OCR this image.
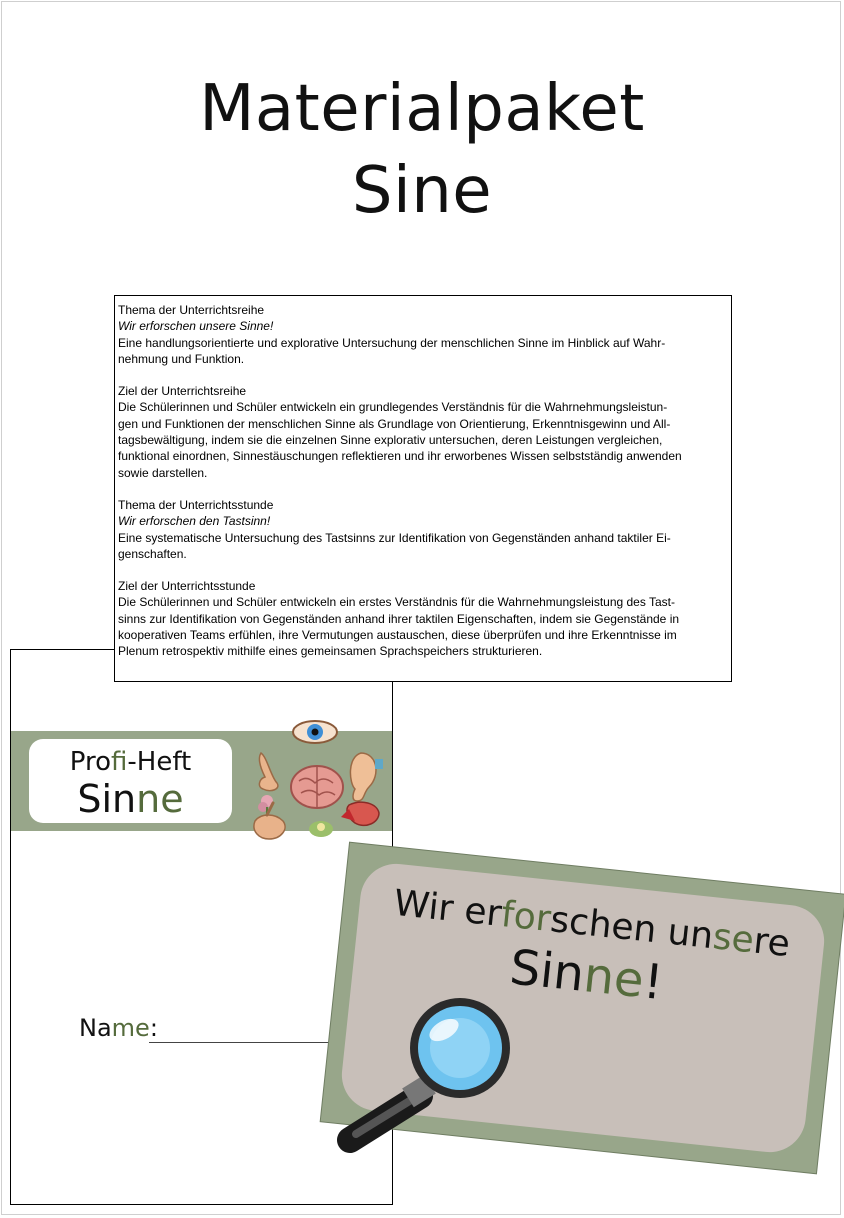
Materialpaket
Sine

Thema der Unterrichtsreihe
Wir erforschen unsere Sinne!
Eine handlungsorientierte und explorative Untersuchung der menschlichen Sinne im Hinblick auf Wahr-
nehmung und Funktion.

Ziel der Unterrichtsreihe
Die Schülerinnen und Schüler entwickeln ein grundlegendes Verständnis für die Wahrnehmungsleistun-
gen und Funktionen der menschlichen Sinne als Grundlage von Orientierung, Erkenntnisgewinn und All-
tagsbewältigung, indem sie die einzelnen Sinne explorativ untersuchen, deren Leistungen vergleichen,
funktional einordnen, Sinnestäuschungen reflektieren und ihr erworbenes Wissen selbstständig anwenden
sowie darstellen.

Thema der Unterrichtsstunde
Wir erforschen den Tastsinn!
Eine systematische Untersuchung des Tastsinns zur Identifikation von Gegenständen anhand taktiler Ei-
genschaften.

Ziel der Unterrichtsstunde
Die Schülerinnen und Schüler entwickeln ein erstes Verständnis für die Wahrnehmungsleistung des Tast-
sinns zur Identifikation von Gegenständen anhand ihrer taktilen Eigenschaften, indem sie Gegenstände in
kooperativen Teams erfühlen, ihre Vermutungen austauschen, diese überprüfen und ihre Erkenntnisse im
Plenum retrospektiv mithilfe eines gemeinsamen Sprachspeichers strukturieren.

Profi-Heft
Sinne
Name:
Wir erforschen unsere
Sinne!
